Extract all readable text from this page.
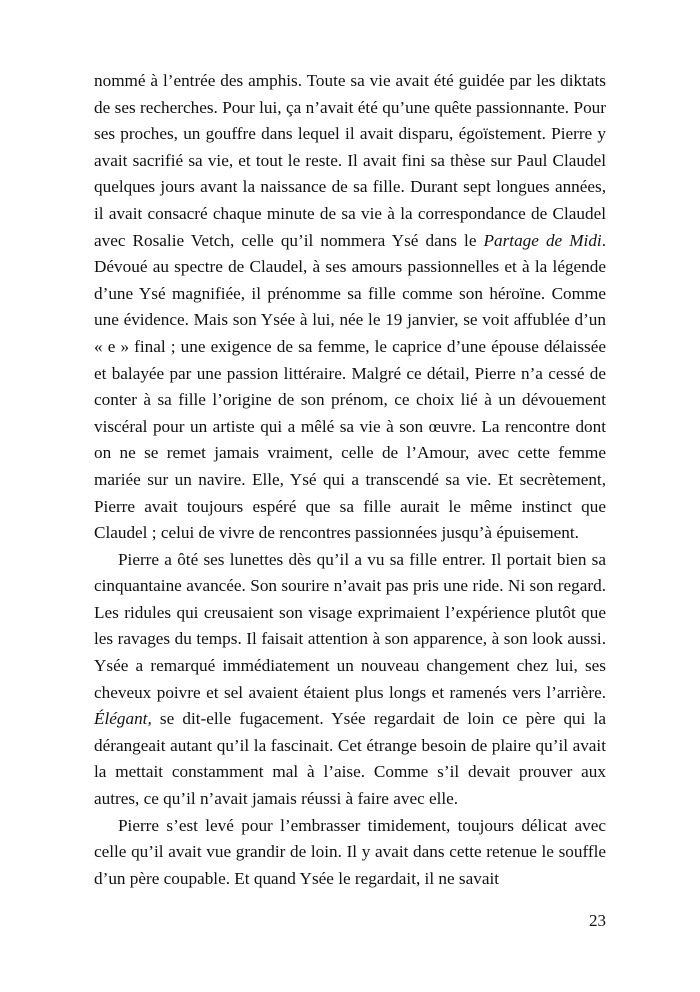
nommé à l’entrée des amphis. Toute sa vie avait été guidée par les diktats de ses recherches. Pour lui, ça n’avait été qu’une quête passionnante. Pour ses proches, un gouffre dans lequel il avait disparu, égoïstement. Pierre y avait sacrifié sa vie, et tout le reste. Il avait fini sa thèse sur Paul Claudel quelques jours avant la naissance de sa fille. Durant sept longues années, il avait consacré chaque minute de sa vie à la correspondance de Claudel avec Rosalie Vetch, celle qu’il nommera Ysé dans le Partage de Midi. Dévoué au spectre de Claudel, à ses amours passionnelles et à la légende d’une Ysé magnifiée, il prénomme sa fille comme son héroïne. Comme une évidence. Mais son Ysée à lui, née le 19 janvier, se voit affublée d’un « e » final ; une exigence de sa femme, le caprice d’une épouse délaissée et balayée par une passion littéraire. Malgré ce détail, Pierre n’a cessé de conter à sa fille l’origine de son prénom, ce choix lié à un dévouement viscéral pour un artiste qui a mêlé sa vie à son œuvre. La rencontre dont on ne se remet jamais vraiment, celle de l’Amour, avec cette femme mariée sur un navire. Elle, Ysé qui a transcendé sa vie. Et secrètement, Pierre avait toujours espéré que sa fille aurait le même instinct que Claudel ; celui de vivre de rencontres passionnées jusqu’à épuisement.

Pierre a ôté ses lunettes dès qu’il a vu sa fille entrer. Il portait bien sa cinquantaine avancée. Son sourire n’avait pas pris une ride. Ni son regard. Les ridules qui creusaient son visage exprimaient l’expérience plutôt que les ravages du temps. Il faisait attention à son apparence, à son look aussi. Ysée a remarqué immédiatement un nouveau changement chez lui, ses cheveux poivre et sel avaient étaient plus longs et ramenés vers l’arrière. Élégant, se dit-elle fugacement. Ysée regardait de loin ce père qui la dérangeait autant qu’il la fascinait. Cet étrange besoin de plaire qu’il avait la mettait constamment mal à l’aise. Comme s’il devait prouver aux autres, ce qu’il n’avait jamais réussi à faire avec elle.

Pierre s’est levé pour l’embrasser timidement, toujours délicat avec celle qu’il avait vue grandir de loin. Il y avait dans cette retenue le souffle d’un père coupable. Et quand Ysée le regardait, il ne savait

23
